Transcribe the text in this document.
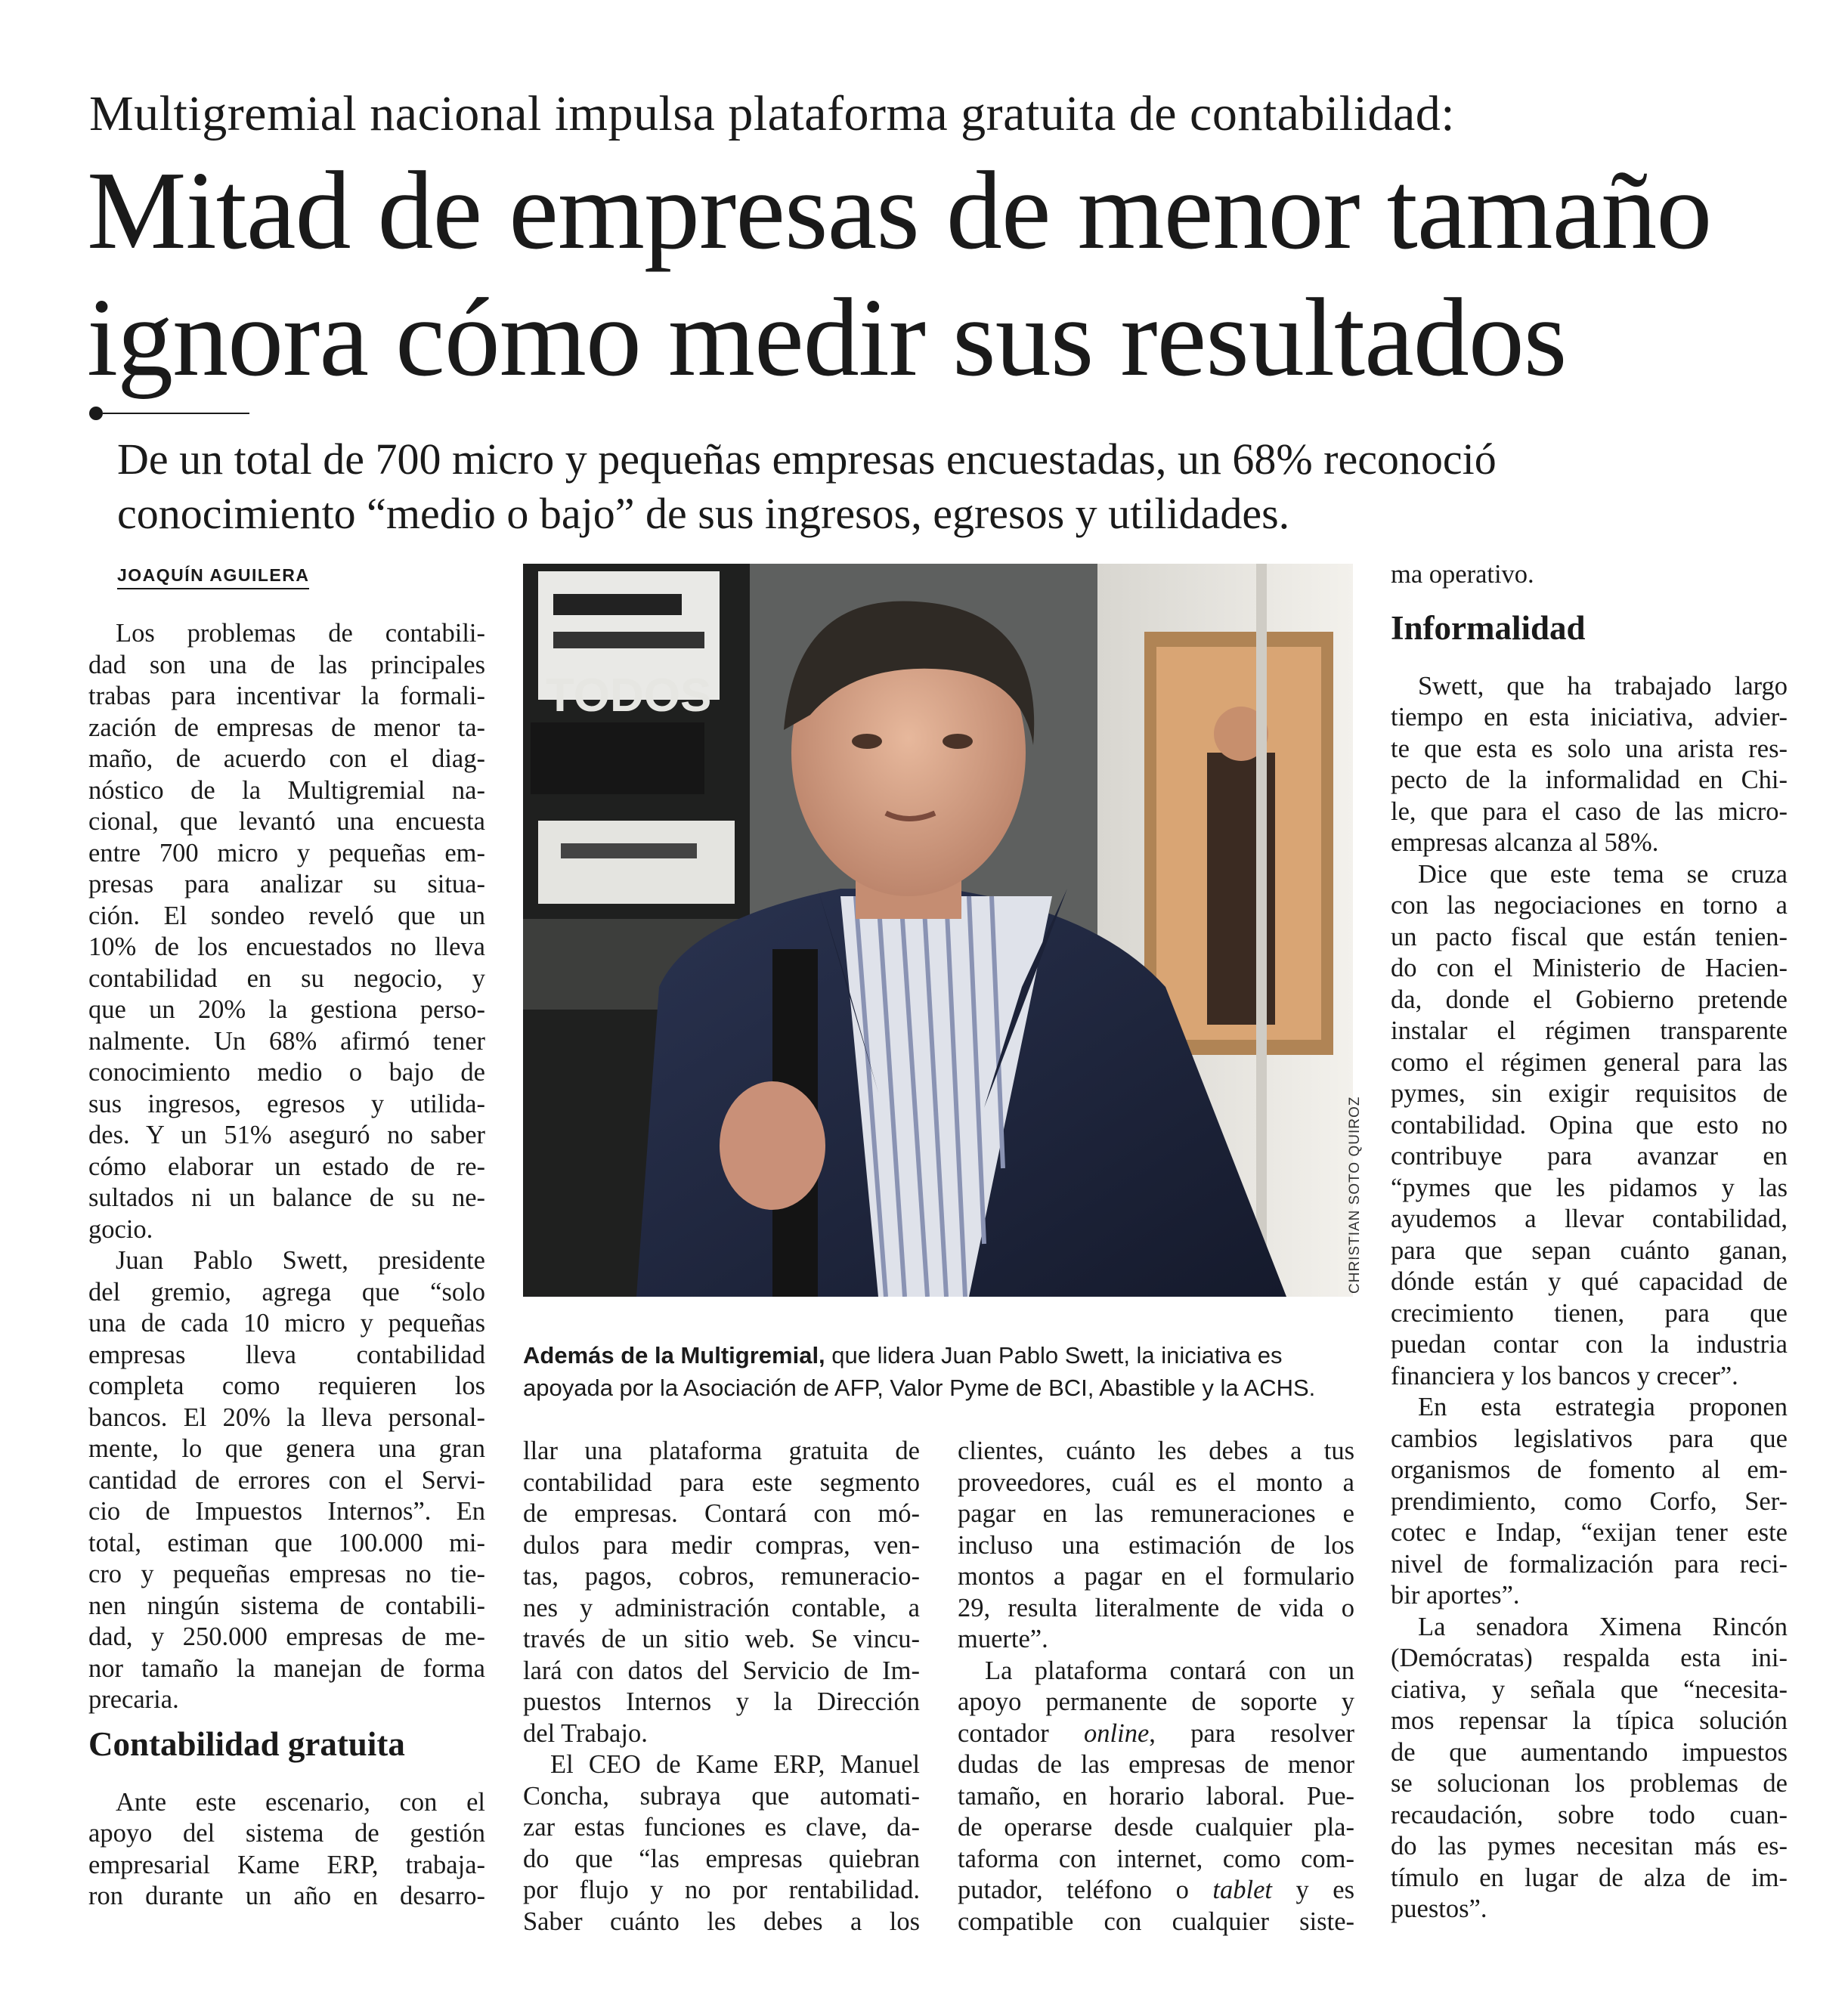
Multigremial nacional impulsa plataforma gratuita de contabilidad:
Mitad de empresas de menor tamaño
ignora cómo medir sus resultados
De un total de 700 micro y pequeñas empresas encuestadas, un 68% reconoció
conocimiento “medio o bajo” de sus ingresos, egresos y utilidades.
JOAQUÍN AGUILERA
Los problemas de contabili-
dad son una de las principales
trabas para incentivar la formali-
zación de empresas de menor ta-
maño, de acuerdo con el diag-
nóstico de la Multigremial na-
cional, que levantó una encuesta
entre 700 micro y pequeñas em-
presas para analizar su situa-
ción. El sondeo reveló que un
10% de los encuestados no lleva
contabilidad en su negocio, y
que un 20% la gestiona perso-
nalmente. Un 68% afirmó tener
conocimiento medio o bajo de
sus ingresos, egresos y utilida-
des. Y un 51% aseguró no saber
cómo elaborar un estado de re-
sultados ni un balance de su ne-
gocio.
Juan Pablo Swett, presidente
del gremio, agrega que “solo
una de cada 10 micro y pequeñas
empresas lleva contabilidad
completa como requieren los
bancos. El 20% la lleva personal-
mente, lo que genera una gran
cantidad de errores con el Servi-
cio de Impuestos Internos”. En
total, estiman que 100.000 mi-
cro y pequeñas empresas no tie-
nen ningún sistema de contabili-
dad, y 250.000 empresas de me-
nor tamaño la manejan de forma
precaria.
Contabilidad gratuita
Ante este escenario, con el
apoyo del sistema de gestión
empresarial Kame ERP, trabaja-
ron durante un año en desarro-
TODOS
CHRISTIAN SOTO QUIROZ
Además de la Multigremial, que lidera Juan Pablo Swett, la iniciativa es
apoyada por la Asociación de AFP, Valor Pyme de BCI, Abastible y la ACHS.
llar una plataforma gratuita de
contabilidad para este segmento
de empresas. Contará con mó-
dulos para medir compras, ven-
tas, pagos, cobros, remuneracio-
nes y administración contable, a
través de un sitio web. Se vincu-
lará con datos del Servicio de Im-
puestos Internos y la Dirección
del Trabajo.
El CEO de Kame ERP, Manuel
Concha, subraya que automati-
zar estas funciones es clave, da-
do que “las empresas quiebran
por flujo y no por rentabilidad.
Saber cuánto les debes a los
clientes, cuánto les debes a tus
proveedores, cuál es el monto a
pagar en las remuneraciones e
incluso una estimación de los
montos a pagar en el formulario
29, resulta literalmente de vida o
muerte”.
La plataforma contará con un
apoyo permanente de soporte y
contador online, para resolver
dudas de las empresas de menor
tamaño, en horario laboral. Pue-
de operarse desde cualquier pla-
taforma con internet, como com-
putador, teléfono o tablet y es
compatible con cualquier siste-
ma operativo.
Informalidad
Swett, que ha trabajado largo
tiempo en esta iniciativa, advier-
te que esta es solo una arista res-
pecto de la informalidad en Chi-
le, que para el caso de las micro-
empresas alcanza al 58%.
Dice que este tema se cruza
con las negociaciones en torno a
un pacto fiscal que están tenien-
do con el Ministerio de Hacien-
da, donde el Gobierno pretende
instalar el régimen transparente
como el régimen general para las
pymes, sin exigir requisitos de
contabilidad. Opina que esto no
contribuye para avanzar en
“pymes que les pidamos y las
ayudemos a llevar contabilidad,
para que sepan cuánto ganan,
dónde están y qué capacidad de
crecimiento tienen, para que
puedan contar con la industria
financiera y los bancos y crecer”.
En esta estrategia proponen
cambios legislativos para que
organismos de fomento al em-
prendimiento, como Corfo, Ser-
cotec e Indap, “exijan tener este
nivel de formalización para reci-
bir aportes”.
La senadora Ximena Rincón
(Demócratas) respalda esta ini-
ciativa, y señala que “necesita-
mos repensar la típica solución
de que aumentando impuestos
se solucionan los problemas de
recaudación, sobre todo cuan-
do las pymes necesitan más es-
tímulo en lugar de alza de im-
puestos”.
